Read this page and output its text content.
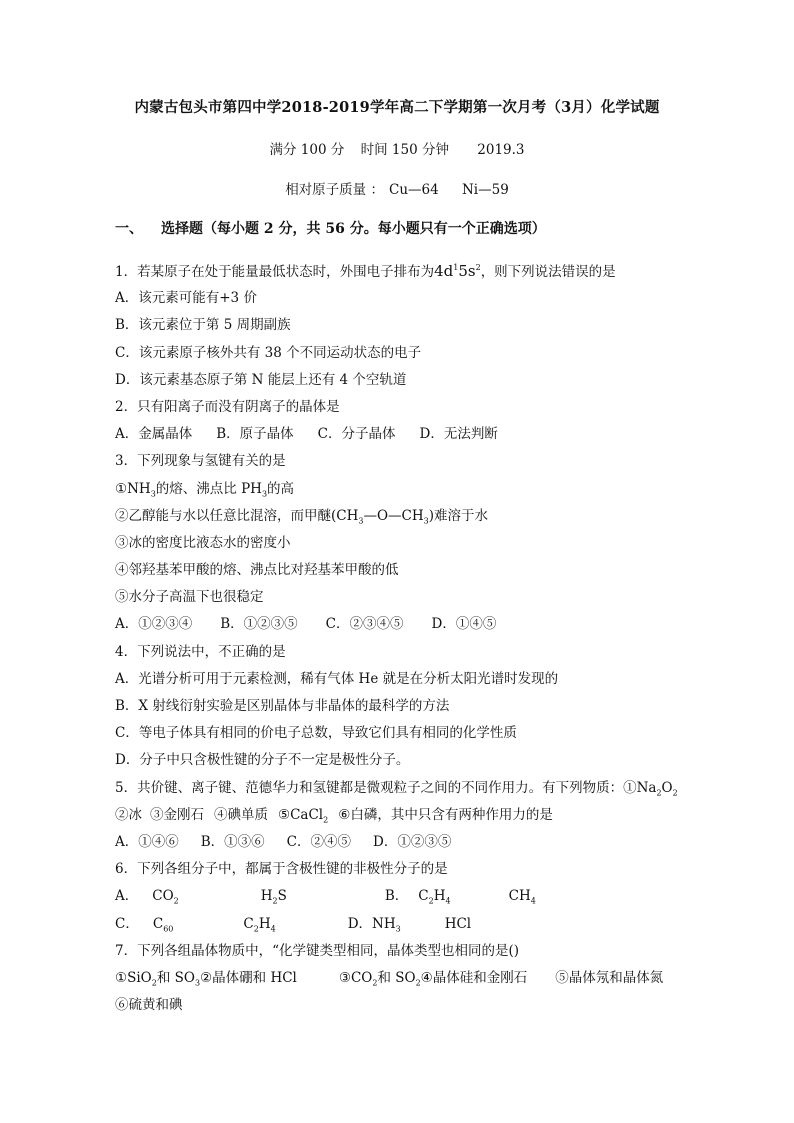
内蒙古包头市第四中学2018-2019学年高二下学期第一次月考（3月）化学试题
满分 100 分 时间 150 分钟 2019.3
相对原子质量 ： Cu—64 Ni—59
一、 选择题（每小题 2 分，共 56 分。每小题只有一个正确选项）
1．若某原子在处于能量最低状态时，外围电子排布为$4d^15s^2$，则下列说法错误的是
A．该元素可能有+3 价
B．该元素位于第 5 周期副族
C．该元素原子核外共有 38 个不同运动状态的电子
D．该元素基态原子第 N 能层上还有 4 个空轨道
2．只有阳离子而没有阴离子的晶体是
A．金属晶体 B．原子晶体 C．分子晶体 D．无法判断
3．下列现象与氢键有关的是
$①NH_3$的熔、沸点比 $PH_3$的高
②乙醇能与水以任意比混溶，而甲醚$(CH_3—O—CH_3)$难溶于水
③冰的密度比液态水的密度小
④邻羟基苯甲酸的熔、沸点比对羟基苯甲酸的低
⑤水分子高温下也很稳定
A．①②③④ B．①②③⑤ C．②③④⑤ D．①④⑤
4．下列说法中，不正确的是
A．光谱分析可用于元素检测，稀有气体 He 就是在分析太阳光谱时发现的
B．X 射线衍射实验是区别晶体与非晶体的最科学的方法
C．等电子体具有相同的价电子总数，导致它们具有相同的化学性质
D．分子中只含极性键的分子不一定是极性分子。
5．共价键、离子键、范德华力和氢键都是微观粒子之间的不同作用力。有下列物质：$①Na_2O_2$
②冰 ③金刚石 ④碘单质 ⑤CaCl$_2$ ⑥白磷，其中只含有两种作用力的是
A．①④⑥ B．①③⑥ C．②④⑤ D．①②③⑤
6．下列各组分子中，都属于含极性键的非极性分子的是
A． $CO_2$	$H_2S$	B． $C_2H_4$	$CH_4$
C． $C_{60}$	$C_2H_4$	D．$NH_3$	HCl
7．下列各组晶体物质中，“化学键类型相同，晶体类型也相同的是()
①SiO$_2$和 $SO_3②$晶体硼和 HCl	$③CO_2$和 $SO_2④$晶体硅和金刚石 ⑤晶体氖和晶体氮
⑥硫黄和碘
